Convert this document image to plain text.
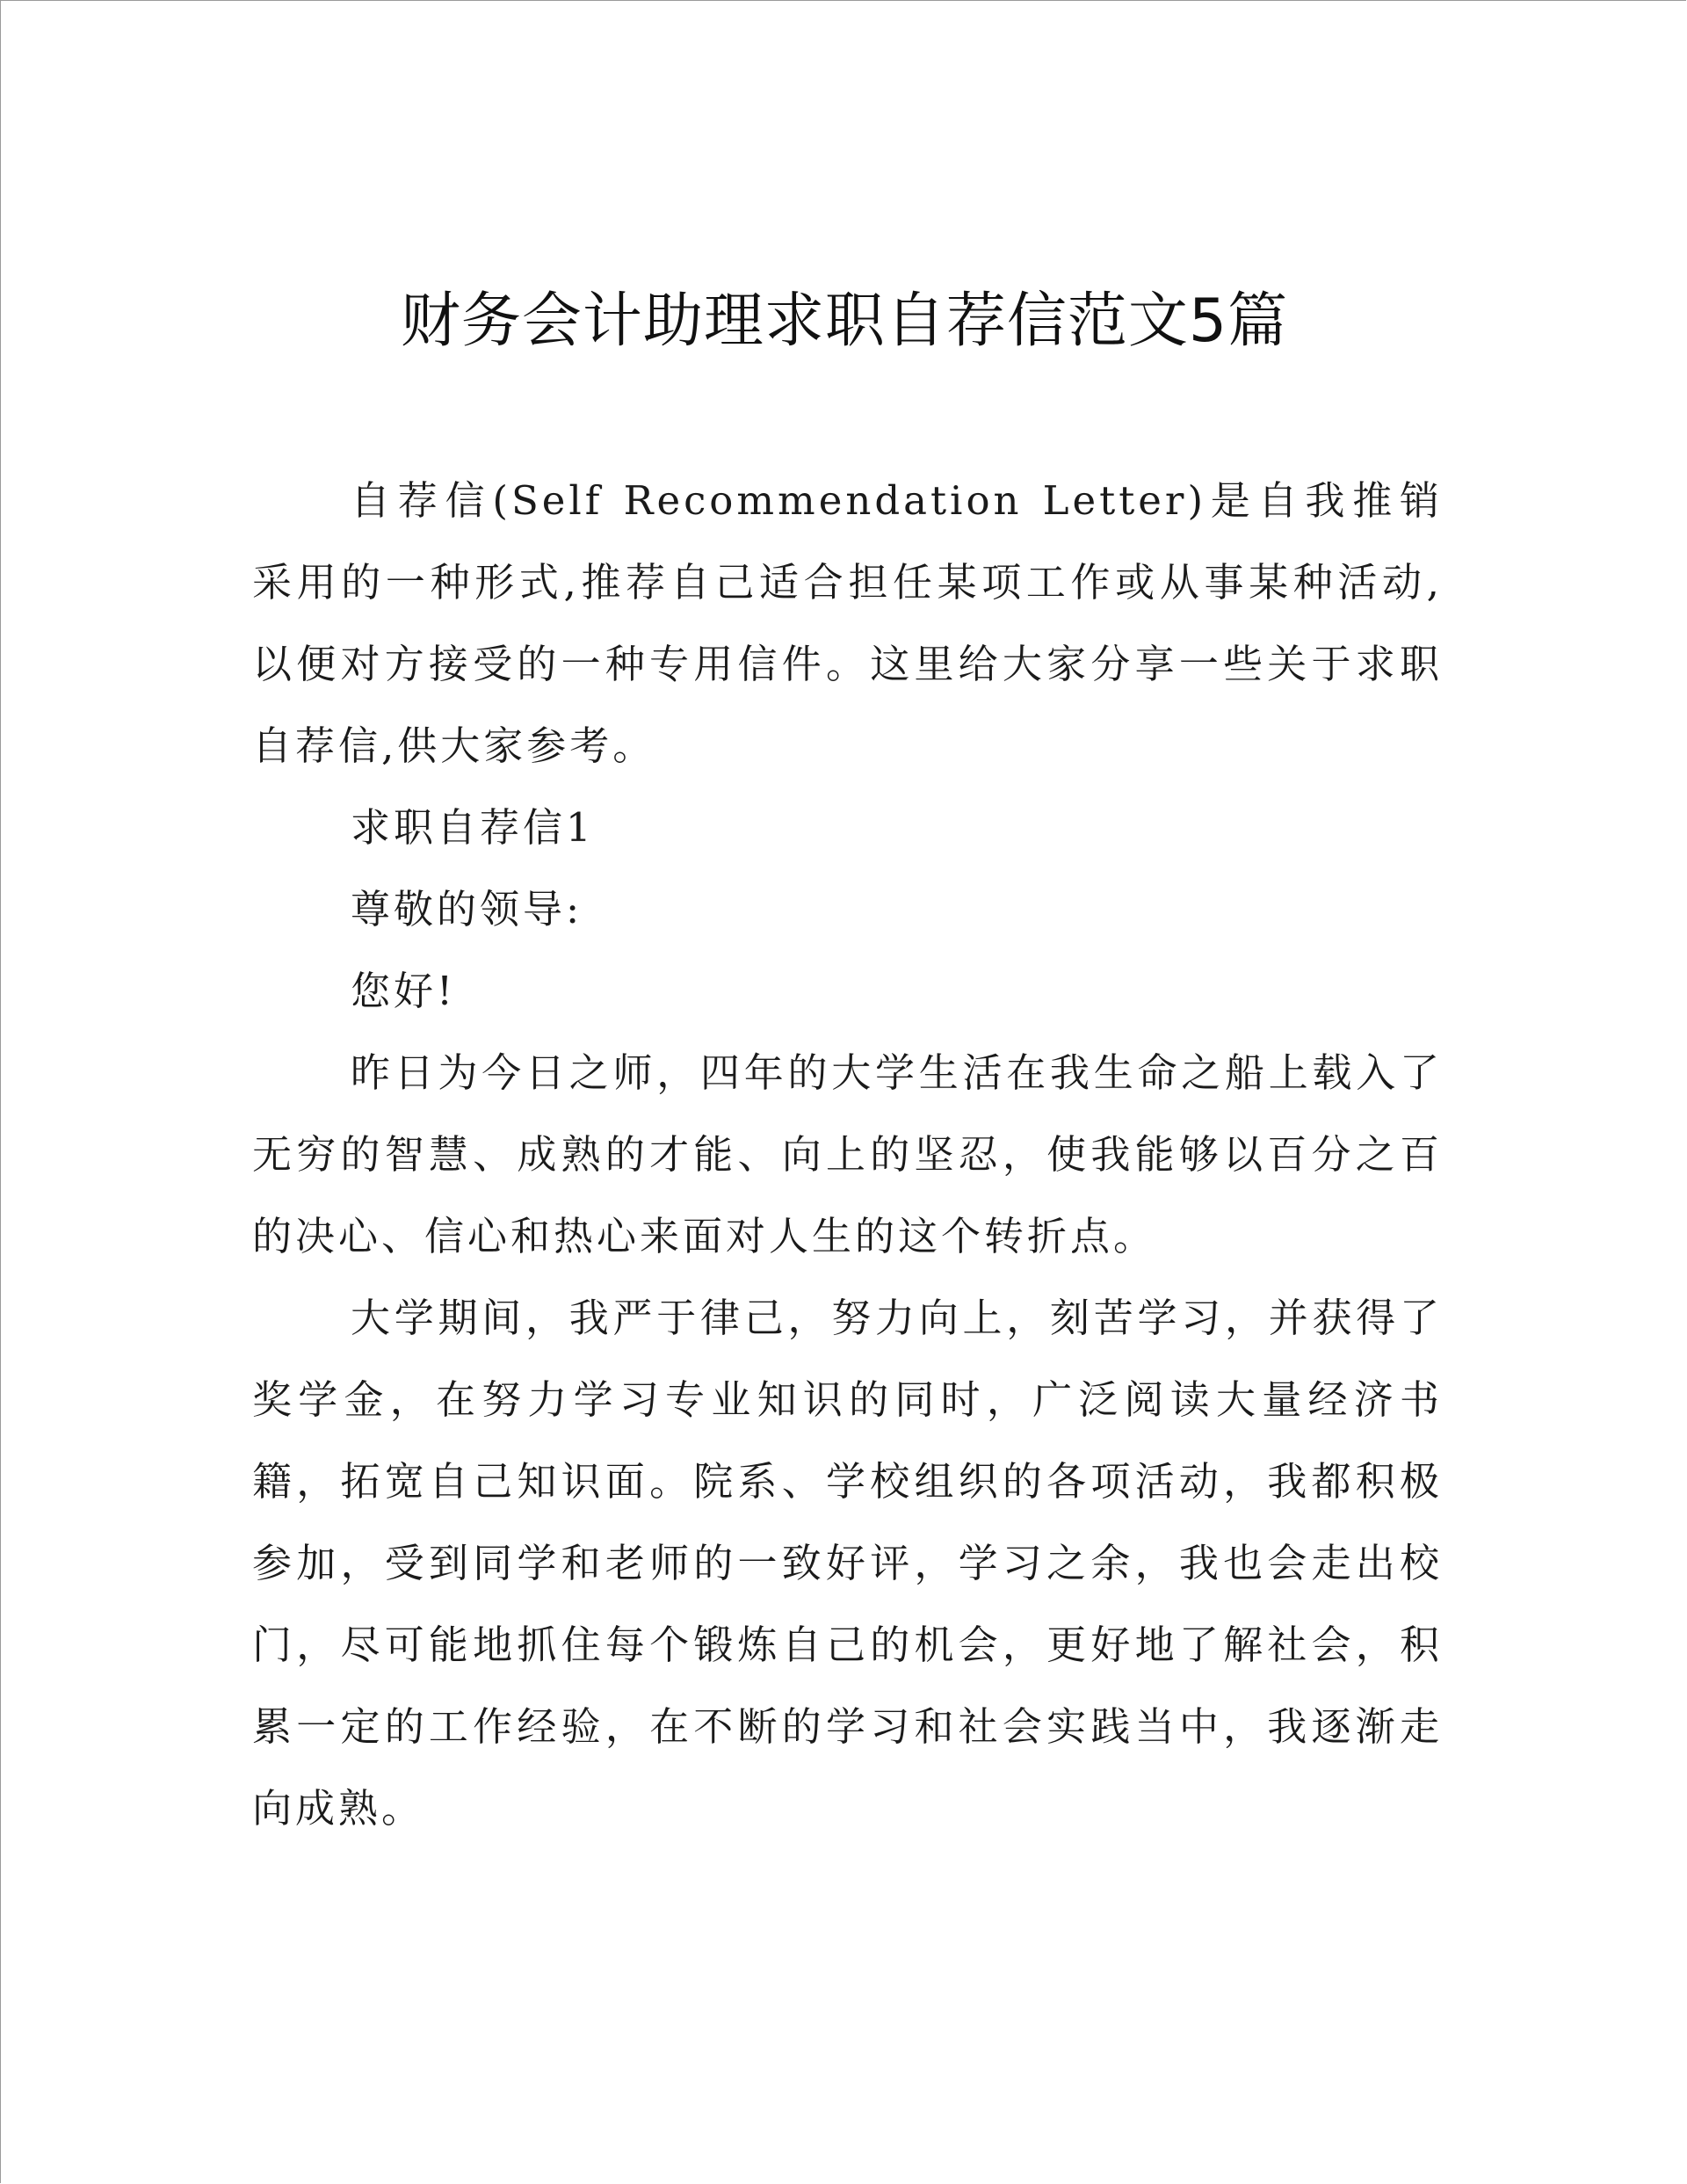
财务会计助理求职自荐信范文5篇

自荐信(Self Recommendation Letter)是自我推销采用的一种形式,推荐自己适合担任某项工作或从事某种活动,以便对方接受的一种专用信件。这里给大家分享一些关于求职自荐信,供大家参考。

求职自荐信1

尊敬的领导:

您好!

昨日为今日之师，四年的大学生活在我生命之船上载入了无穷的智慧、成熟的才能、向上的坚忍，使我能够以百分之百的决心、信心和热心来面对人生的这个转折点。

大学期间，我严于律己，努力向上，刻苦学习，并获得了奖学金，在努力学习专业知识的同时，广泛阅读大量经济书籍，拓宽自己知识面。院系、学校组织的各项活动，我都积极参加，受到同学和老师的一致好评，学习之余，我也会走出校门，尽可能地抓住每个锻炼自己的机会，更好地了解社会，积累一定的工作经验，在不断的学习和社会实践当中，我逐渐走向成熟。
